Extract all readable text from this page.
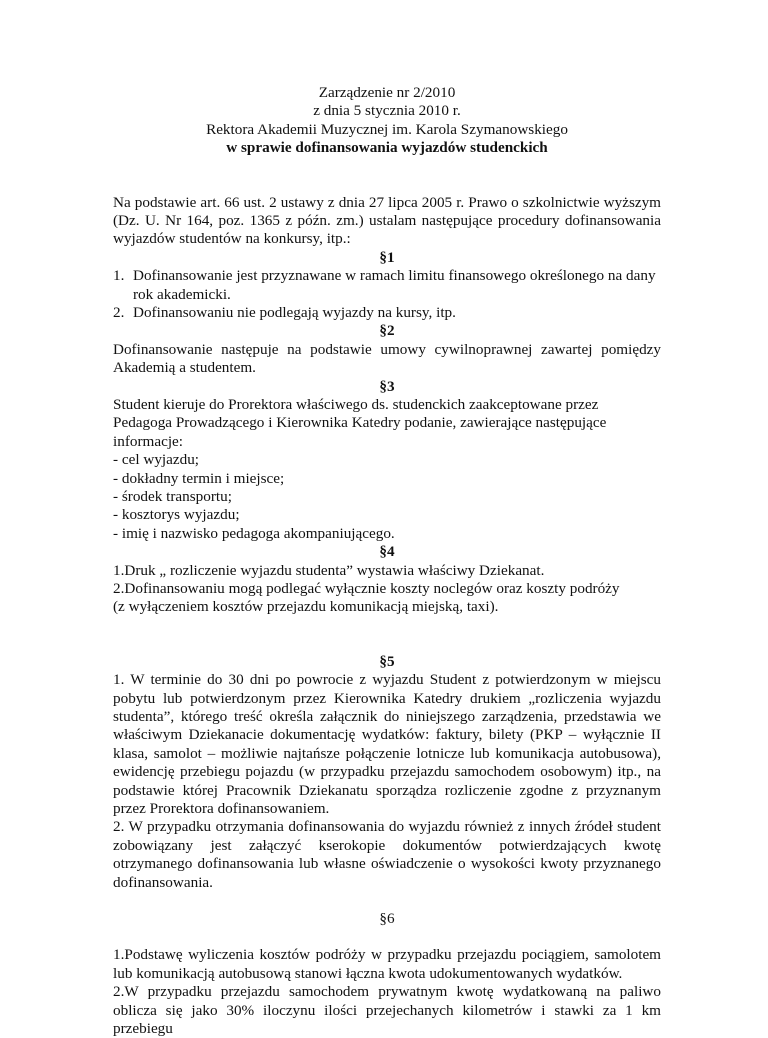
Zarządzenie nr 2/2010
z dnia 5 stycznia 2010 r.
Rektora Akademii Muzycznej im. Karola Szymanowskiego
w sprawie dofinansowania wyjazdów studenckich

Na podstawie art. 66 ust. 2 ustawy z dnia 27 lipca 2005 r. Prawo o szkolnictwie wyższym (Dz. U. Nr 164, poz. 1365 z późn. zm.) ustalam następujące procedury dofinansowania wyjazdów studentów na konkursy, itp.:

§1
1. Dofinansowanie jest przyznawane w ramach limitu finansowego określonego na dany rok akademicki.
2. Dofinansowaniu nie podlegają wyjazdy na kursy, itp.
§2

Dofinansowanie następuje na podstawie umowy cywilnoprawnej zawartej pomiędzy Akademią a studentem.

§3

Student kieruje do Prorektora właściwego ds. studenckich zaakceptowane przez Pedagoga Prowadzącego i Kierownika Katedry podanie, zawierające następujące informacje:

- cel wyjazdu;
- dokładny termin i miejsce;
- środek transportu;
- kosztorys wyjazdu;
- imię i nazwisko pedagoga akompaniującego.
§4

1.Druk „ rozliczenie wyjazdu studenta” wystawia właściwy Dziekanat.

2.Dofinansowaniu mogą podlegać wyłącznie koszty noclegów oraz koszty podróży

(z wyłączeniem kosztów przejazdu komunikacją miejską, taxi).

§5

1. W terminie do 30 dni po powrocie z wyjazdu Student z potwierdzonym w miejscu pobytu lub potwierdzonym przez Kierownika Katedry drukiem „rozliczenia wyjazdu studenta”, którego treść określa załącznik do niniejszego zarządzenia, przedstawia we właściwym Dziekanacie dokumentację wydatków: faktury, bilety (PKP – wyłącznie II klasa, samolot – możliwie najtańsze połączenie lotnicze lub komunikacja autobusowa), ewidencję przebiegu pojazdu (w przypadku przejazdu samochodem osobowym) itp., na podstawie której Pracownik Dziekanatu sporządza rozliczenie zgodne z przyznanym przez Prorektora dofinansowaniem.

2. W przypadku otrzymania dofinansowania do wyjazdu również z innych źródeł student zobowiązany jest załączyć kserokopie dokumentów potwierdzających kwotę otrzymanego dofinansowania lub własne oświadczenie o wysokości kwoty przyznanego dofinansowania.

§6

1.Podstawę wyliczenia kosztów podróży w przypadku przejazdu pociągiem, samolotem lub komunikacją autobusową stanowi łączna kwota udokumentowanych wydatków.

2.W przypadku przejazdu samochodem prywatnym kwotę wydatkowaną na paliwo oblicza się jako 30% iloczynu ilości przejechanych kilometrów i stawki za 1 km przebiegu
